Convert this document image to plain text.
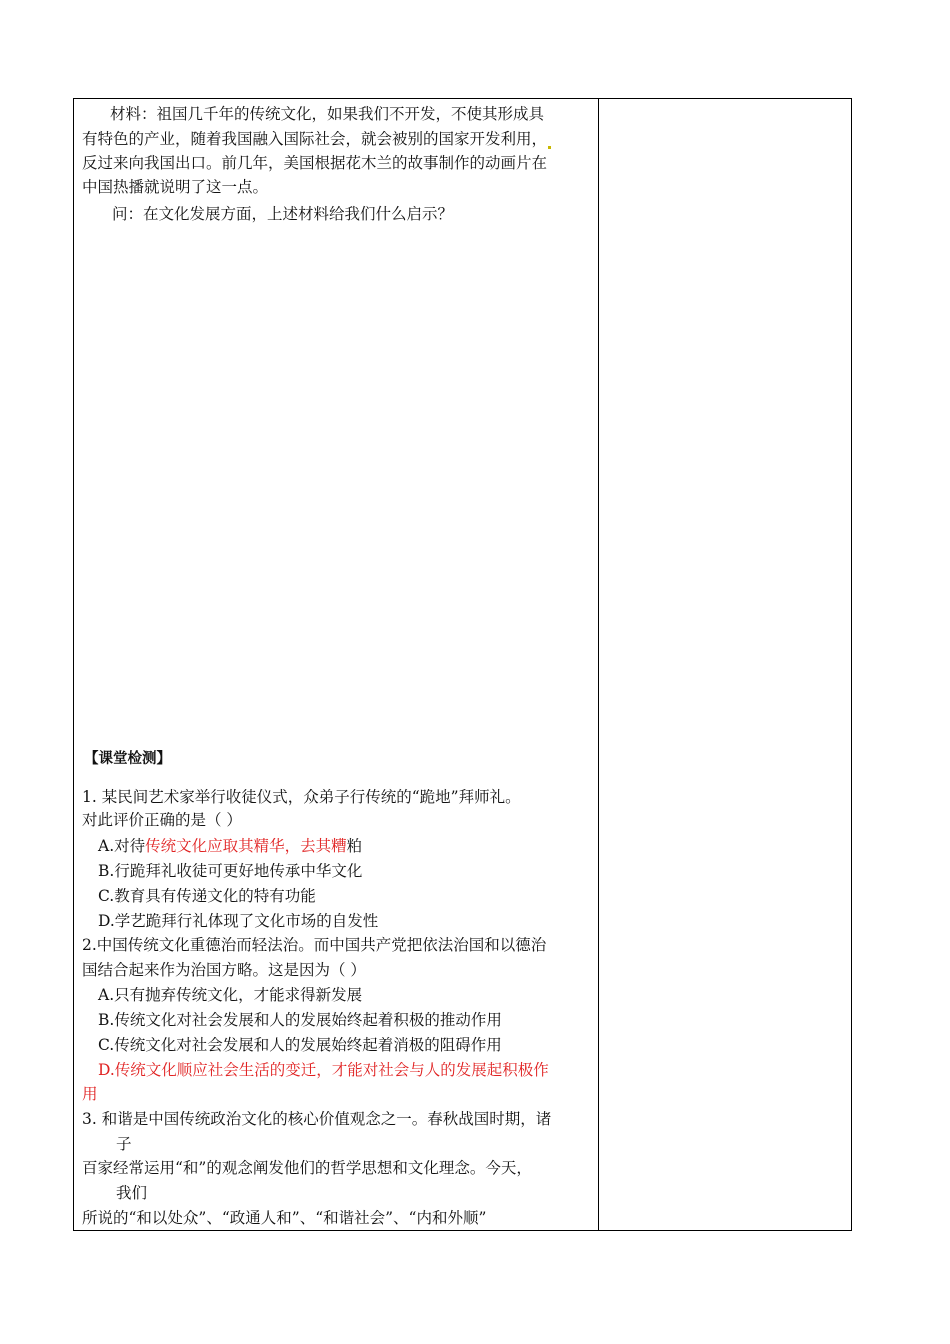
材料：祖国几千年的传统文化，如果我们不开发，不使其形成具
有特色的产业，随着我国融入国际社会，就会被别的国家开发利用，
反过来向我国出口。前几年，美国根据花木兰的故事制作的动画片在
中国热播就说明了这一点。
问：在文化发展方面，上述材料给我们什么启示？
【课堂检测】
1. 某民间艺术家举行收徒仪式，众弟子行传统的“跪地”拜师礼。
对此评价正确的是（ ）
A.对待传统文化应取其精华，去其糟粕
B.行跪拜礼收徒可更好地传承中华文化
C.教育具有传递文化的特有功能
D.学艺跪拜行礼体现了文化市场的自发性
2.中国传统文化重德治而轻法治。而中国共产党把依法治国和以德治
国结合起来作为治国方略。这是因为（ ）
A.只有抛弃传统文化，才能求得新发展
B.传统文化对社会发展和人的发展始终起着积极的推动作用
C.传统文化对社会发展和人的发展始终起着消极的阻碍作用
D.传统文化顺应社会生活的变迁，才能对社会与人的发展起积极作
用
3. 和谐是中国传统政治文化的核心价值观念之一。春秋战国时期，诸
子
百家经常运用“和”的观念阐发他们的哲学思想和文化理念。今天，
我们
所说的“和以处众”、“政通人和”、“和谐社会”、“内和外顺”
